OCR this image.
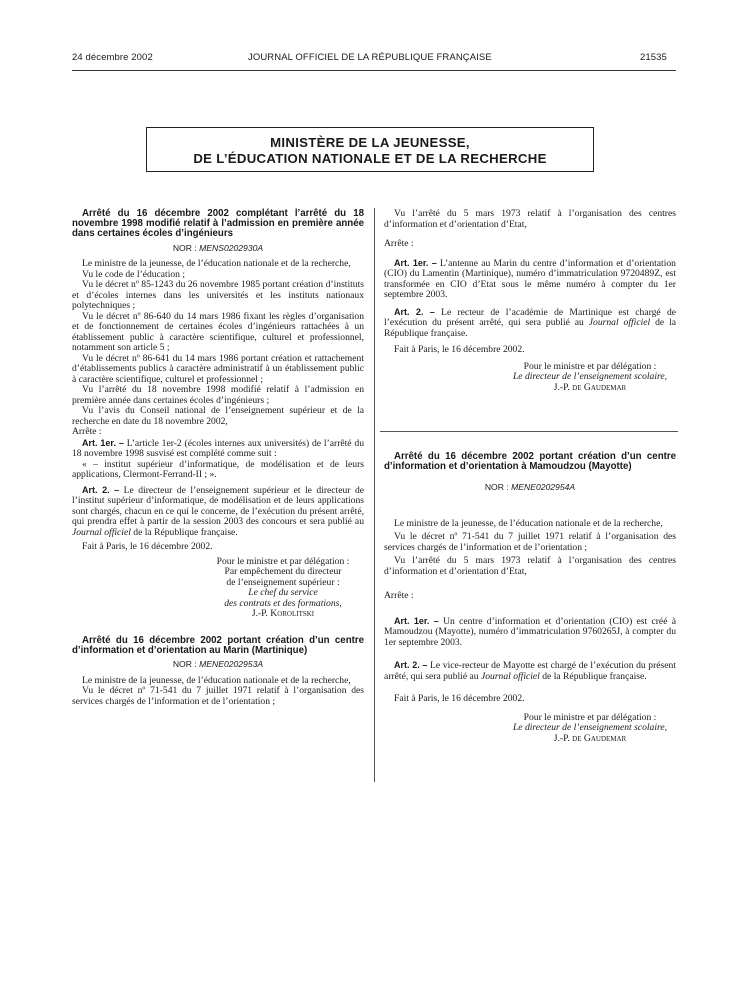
24 décembre 2002	JOURNAL OFFICIEL DE LA RÉPUBLIQUE FRANÇAISE	21535
MINISTÈRE DE LA JEUNESSE,
DE L’ÉDUCATION NATIONALE ET DE LA RECHERCHE

Arrêté du 16 décembre 2002 complétant l’arrêté du 18 novembre 1998 modifié relatif à l’admission en première année dans certaines écoles d’ingénieurs

NOR : MENS0202930A

Le ministre de la jeunesse, de l’éducation nationale et de la recherche,

Vu le code de l’éducation ;

Vu le décret nº 85-1243 du 26 novembre 1985 portant création d’instituts et d’écoles internes dans les universités et les instituts nationaux polytechniques ;

Vu le décret nº 86-640 du 14 mars 1986 fixant les règles d’organisation et de fonctionnement de certaines écoles d’ingénieurs rattachées à un établissement public à caractère scientifique, culturel et professionnel, notamment son article 5 ;

Vu le décret nº 86-641 du 14 mars 1986 portant création et rattachement d’établissements publics à caractère administratif à un établissement public à caractère scientifique, culturel et professionnel ;

Vu l’arrêté du 18 novembre 1998 modifié relatif à l’admission en première année dans certaines écoles d’ingénieurs ;

Vu l’avis du Conseil national de l’enseignement supérieur et de la recherche en date du 18 novembre 2002,

Arrête :

Art. 1er. – L’article 1er-2 (écoles internes aux universités) de l’arrêté du 18 novembre 1998 susvisé est complété comme suit :

« – institut supérieur d’informatique, de modélisation et de leurs applications, Clermont-Ferrand-II ; ».

Art. 2. – Le directeur de l’enseignement supérieur et le directeur de l’institut supérieur d’informatique, de modélisation et de leurs applications sont chargés, chacun en ce qui le concerne, de l’exécution du présent arrêté, qui prendra effet à partir de la session 2003 des concours et sera publié au Journal officiel de la République française.

Fait à Paris, le 16 décembre 2002.

Pour le ministre et par délégation :
Par empêchement du directeur
de l’enseignement supérieur :
Le chef du service
des contrats et des formations,
J.-P. Korolitski

Arrêté du 16 décembre 2002 portant création d’un centre d’information et d’orientation au Marin (Martinique)

NOR : MENE0202953A

Le ministre de la jeunesse, de l’éducation nationale et de la recherche,

Vu le décret nº 71-541 du 7 juillet 1971 relatif à l’organisation des services chargés de l’information et de l’orientation ;

Vu l’arrêté du 5 mars 1973 relatif à l’organisation des centres d’information et d’orientation d’Etat,

Arrête :

Art. 1er. – L’antenne au Marin du centre d’information et d’orientation (CIO) du Lamentin (Martinique), numéro d’immatriculation 9720489Z, est transformée en CIO d’Etat sous le même numéro à compter du 1er septembre 2003.

Art. 2. – Le recteur de l’académie de Martinique est chargé de l’exécution du présent arrêté, qui sera publié au Journal officiel de la République française.

Fait à Paris, le 16 décembre 2002.

Pour le ministre et par délégation :
Le directeur de l’enseignement scolaire,
J.-P. de Gaudemar

Arrêté du 16 décembre 2002 portant création d’un centre d’information et d’orientation à Mamoudzou (Mayotte)

NOR : MENE0202954A

Le ministre de la jeunesse, de l’éducation nationale et de la recherche,

Vu le décret nº 71-541 du 7 juillet 1971 relatif à l’organisation des services chargés de l’information et de l’orientation ;

Vu l’arrêté du 5 mars 1973 relatif à l’organisation des centres d’information et d’orientation d’Etat,

Arrête :

Art. 1er. – Un centre d’information et d’orientation (CIO) est créé à Mamoudzou (Mayotte), numéro d’immatriculation 9760265J, à compter du 1er septembre 2003.

Art. 2. – Le vice-recteur de Mayotte est chargé de l’exécution du présent arrêté, qui sera publié au Journal officiel de la République française.

Fait à Paris, le 16 décembre 2002.

Pour le ministre et par délégation :
Le directeur de l’enseignement scolaire,
J.-P. de Gaudemar
